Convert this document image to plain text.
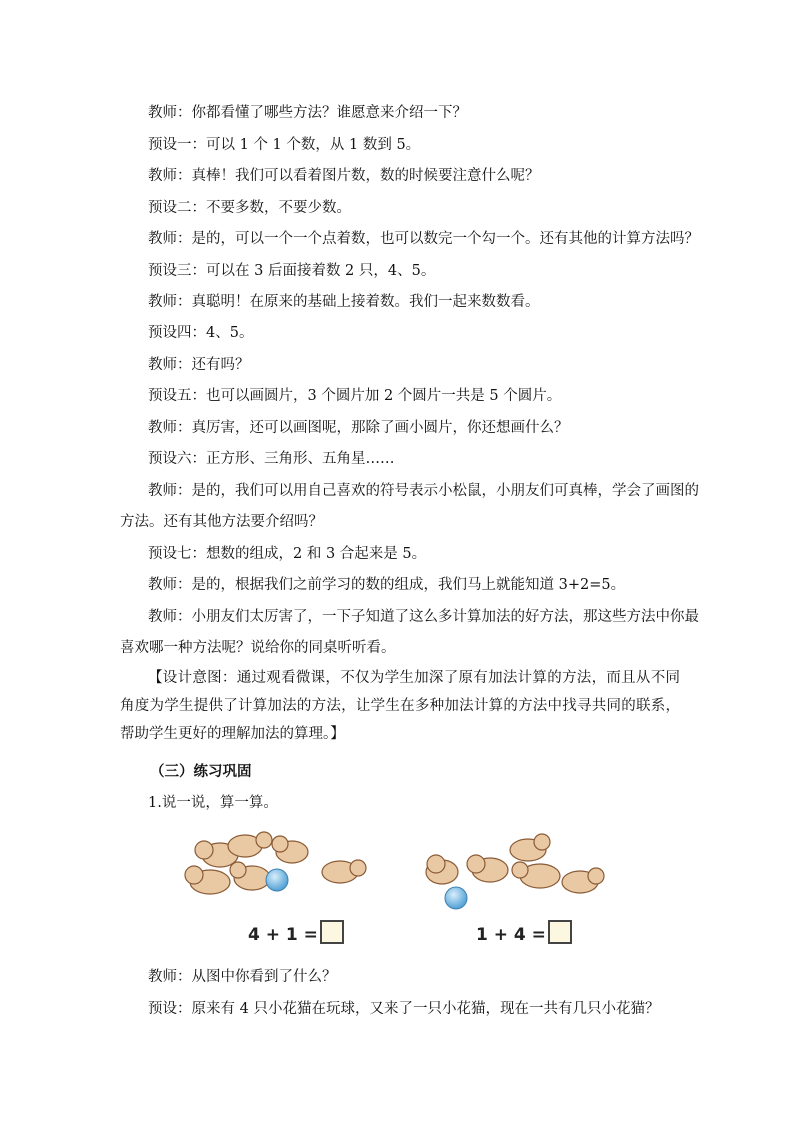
教师：你都看懂了哪些方法？谁愿意来介绍一下？
预设一：可以 1 个 1 个数，从 1 数到 5。
教师：真棒！我们可以看着图片数，数的时候要注意什么呢？
预设二：不要多数，不要少数。
教师：是的，可以一个一个点着数，也可以数完一个勾一个。还有其他的计算方法吗？
预设三：可以在 3 后面接着数 2 只，4、5。
教师：真聪明！在原来的基础上接着数。我们一起来数数看。
预设四：4、5。
教师：还有吗？
预设五：也可以画圆片，3 个圆片加 2 个圆片一共是 5 个圆片。
教师：真厉害，还可以画图呢，那除了画小圆片，你还想画什么？
预设六：正方形、三角形、五角星……
教师：是的，我们可以用自己喜欢的符号表示小松鼠，小朋友们可真棒，学会了画图的
方法。还有其他方法要介绍吗？
预设七：想数的组成，2 和 3 合起来是 5。
教师：是的，根据我们之前学习的数的组成，我们马上就能知道 3+2=5。
教师：小朋友们太厉害了，一下子知道了这么多计算加法的好方法，那这些方法中你最
喜欢哪一种方法呢？说给你的同桌听听看。
【设计意图：通过观看微课，不仅为学生加深了原有加法计算的方法，而且从不同角度为学生提供了计算加法的方法，让学生在多种加法计算的方法中找寻共同的联系，帮助学生更好的理解加法的算理。】
（三）练习巩固
1.说一说，算一算。
4 + 1 =	1 + 4 =
教师：从图中你看到了什么？
预设：原来有 4 只小花猫在玩球，又来了一只小花猫，现在一共有几只小花猫？
